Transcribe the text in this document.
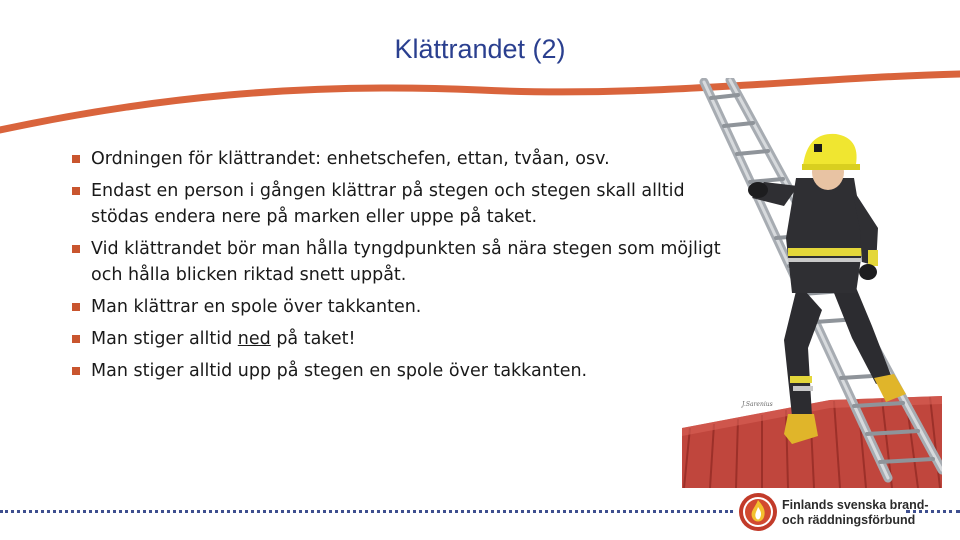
Klättrandet (2)
Ordningen för klättrandet: enhetschefen, ettan, tvåan, osv.
Endast en person i gången klättrar på stegen och stegen skall alltid stödas endera nere på marken eller uppe på taket.
Vid klättrandet bör man hålla tyngdpunkten så nära stegen som möjligt och hålla blicken riktad snett uppåt.
Man klättrar en spole över takkanten.
Man stiger alltid ned på taket!
Man stiger alltid upp på stegen en spole över takkanten.
J.Sarenius
Finlands svenska brand-
och räddningsförbund
